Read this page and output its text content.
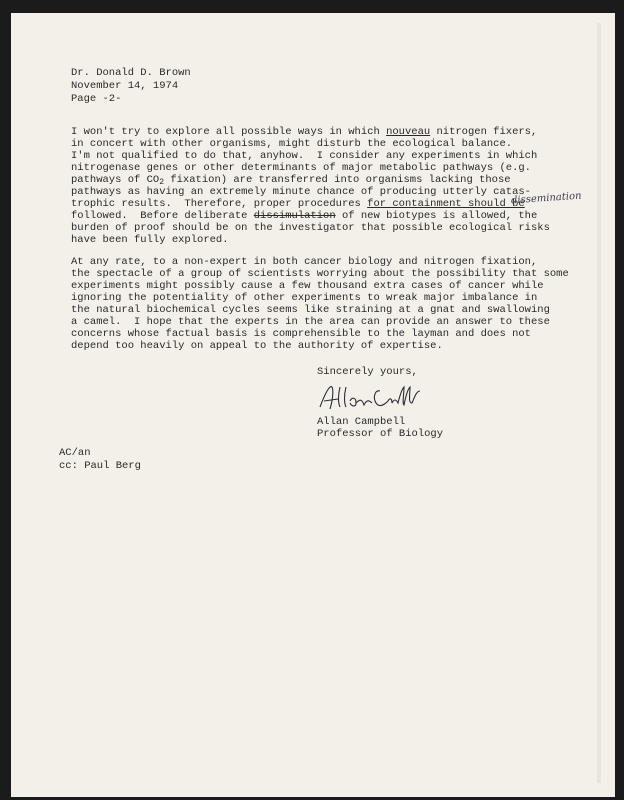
Dr. Donald D. Brown
November 14, 1974
Page -2-
I won't try to explore all possible ways in which nouveau nitrogen fixers,
in concert with other organisms, might disturb the ecological balance.
I'm not qualified to do that, anyhow.  I consider any experiments in which
nitrogenase genes or other determinants of major metabolic pathways (e.g.
pathways of $CO_2$ fixation) are transferred into organisms lacking those
pathways as having an extremely minute chance of producing utterly catas-
trophic results.  Therefore, proper procedures for containment should be
dissemination
followed.  Before deliberate dissimulation of new biotypes is allowed, the
burden of proof should be on the investigator that possible ecological risks
have been fully explored.
At any rate, to a non-expert in both cancer biology and nitrogen fixation,
the spectacle of a group of scientists worrying about the possibility that some
experiments might possibly cause a few thousand extra cases of cancer while
ignoring the potentiality of other experiments to wreak major imbalance in
the natural biochemical cycles seems like straining at a gnat and swallowing
a camel.  I hope that the experts in the area can provide an answer to these
concerns whose factual basis is comprehensible to the layman and does not
depend too heavily on appeal to the authority of expertise.
Sincerely yours,
Allan Campbell
Professor of Biology
AC/an
cc: Paul Berg
